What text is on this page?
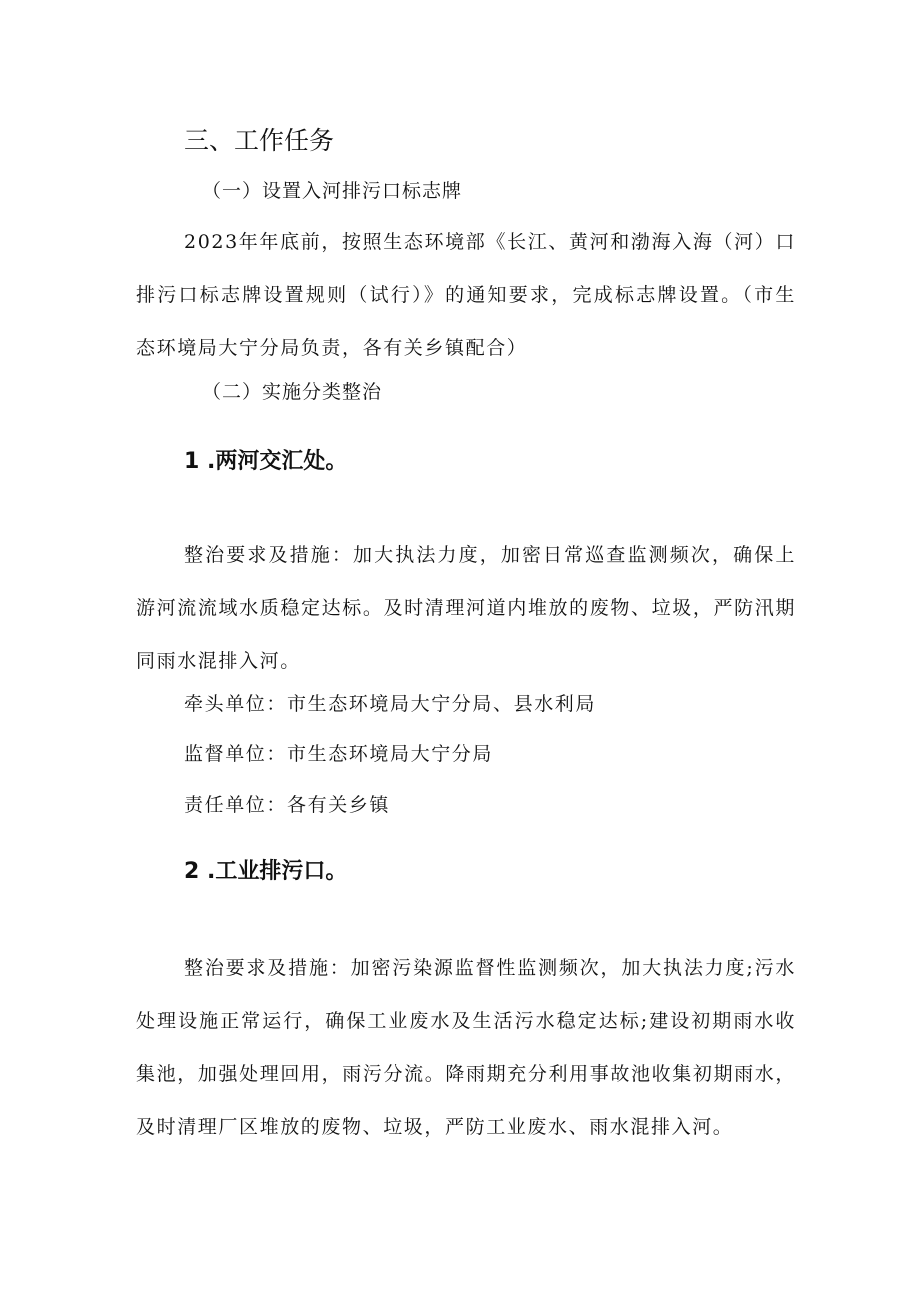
三、工作任务

（一）设置入河排污口标志牌

2023年年底前，按照生态环境部《长江、黄河和渤海入海（河）口排污口标志牌设置规则（试行）》的通知要求，完成标志牌设置。（市生态环境局大宁分局负责，各有关乡镇配合）

（二）实施分类整治

1 .两河交汇处。

整治要求及措施：加大执法力度，加密日常巡查监测频次，确保上游河流流域水质稳定达标。及时清理河道内堆放的废物、垃圾，严防汛期同雨水混排入河。

牵头单位：市生态环境局大宁分局、县水利局

监督单位：市生态环境局大宁分局

责任单位：各有关乡镇

2 .工业排污口。

整治要求及措施：加密污染源监督性监测频次，加大执法力度;污水处理设施正常运行，确保工业废水及生活污水稳定达标;建设初期雨水收集池，加强处理回用，雨污分流。降雨期充分利用事故池收集初期雨水，及时清理厂区堆放的废物、垃圾，严防工业废水、雨水混排入河。
